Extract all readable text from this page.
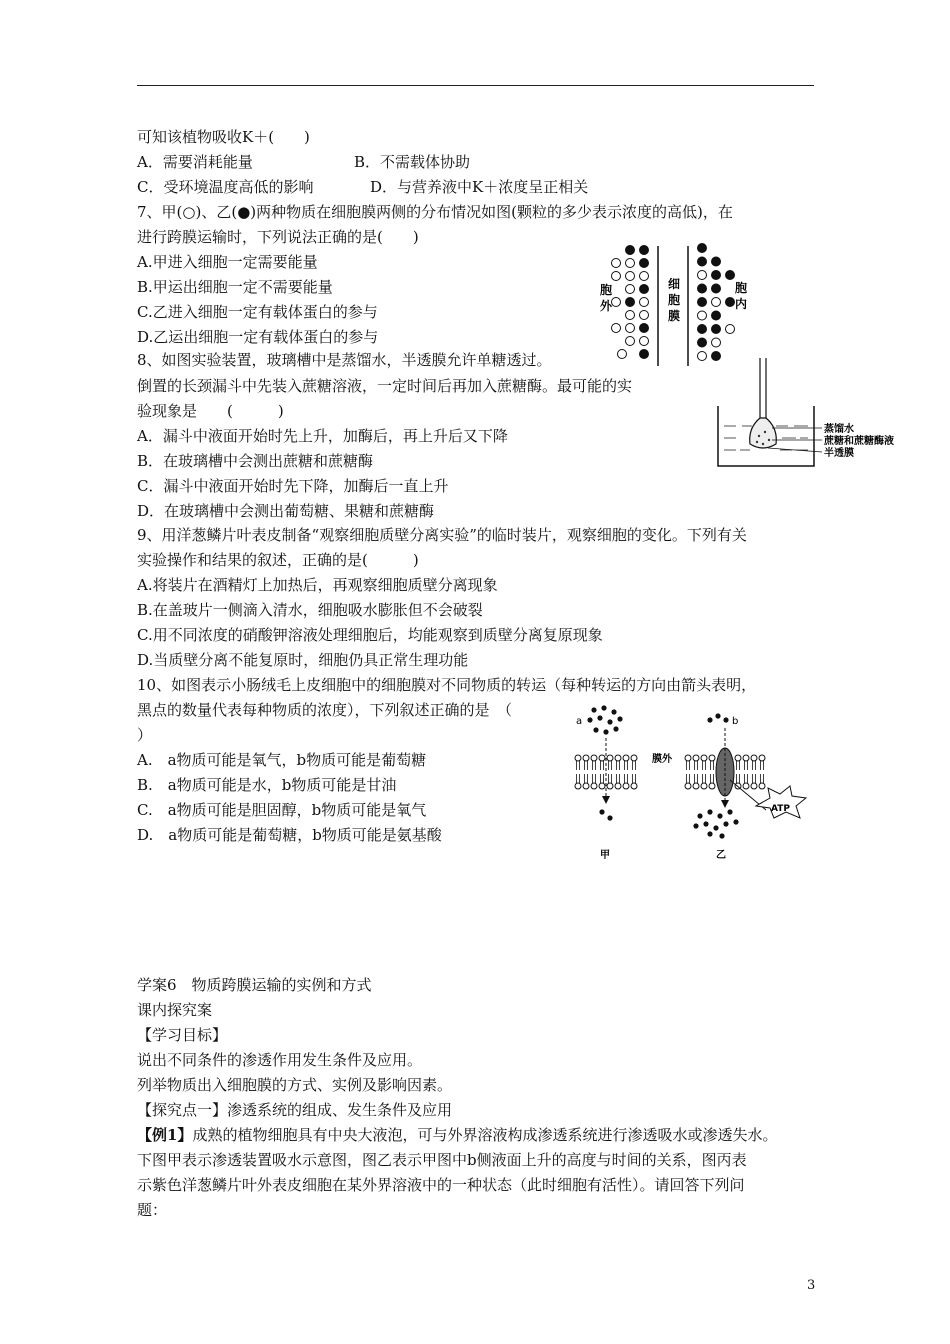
可知该植物吸收K＋(　　)
A．需要消耗能量	B．不需载体协助
C．受环境温度高低的影响	D．与营养液中K＋浓度呈正相关
7、甲(○)、乙(●)两种物质在细胞膜两侧的分布情况如图(颗粒的多少表示浓度的高低)，在
进行跨膜运输时，下列说法正确的是(　　)
A.甲进入细胞一定需要能量
B.甲运出细胞一定不需要能量
C.乙进入细胞一定有载体蛋白的参与
D.乙运出细胞一定有载体蛋白的参与
胞
外
细
胞
膜
胞
内
8、如图实验装置，玻璃槽中是蒸馏水，半透膜允许单糖透过。
倒置的长颈漏斗中先装入蔗糖溶液，一定时间后再加入蔗糖酶。最可能的实
验现象是　　(　　　)
A．漏斗中液面开始时先上升，加酶后，再上升后又下降
B．在玻璃槽中会测出蔗糖和蔗糖酶
C．漏斗中液面开始时先下降，加酶后一直上升
D．在玻璃槽中会测出葡萄糖、果糖和蔗糖酶
蒸馏水
蔗糖和蔗糖酶液
半透膜
9、用洋葱鳞片叶表皮制备“观察细胞质壁分离实验”的临时装片，观察细胞的变化。下列有关
实验操作和结果的叙述，正确的是(　　　)
A.将装片在酒精灯上加热后，再观察细胞质壁分离现象
B.在盖玻片一侧滴入清水，细胞吸水膨胀但不会破裂
C.用不同浓度的硝酸钾溶液处理细胞后，均能观察到质壁分离复原现象
D.当质壁分离不能复原时，细胞仍具正常生理功能
10、如图表示小肠绒毛上皮细胞中的细胞膜对不同物质的转运（每种转运的方向由箭头表明，
黑点的数量代表每种物质的浓度），下列叙述正确的是　（
）
A.　a物质可能是氧气，b物质可能是葡萄糖
B.　a物质可能是水，b物质可能是甘油
C.　a物质可能是胆固醇，b物质可能是氧气
D.　a物质可能是葡萄糖，b物质可能是氨基酸
a
甲
膜外
b
ATP
乙
学案6　物质跨膜运输的实例和方式
课内探究案
【学习目标】
说出不同条件的渗透作用发生条件及应用。
列举物质出入细胞膜的方式、实例及影响因素。
【探究点一】渗透系统的组成、发生条件及应用
【例1】成熟的植物细胞具有中央大液泡，可与外界溶液构成渗透系统进行渗透吸水或渗透失水。
下图甲表示渗透装置吸水示意图，图乙表示甲图中b侧液面上升的高度与时间的关系，图丙表
示紫色洋葱鳞片叶外表皮细胞在某外界溶液中的一种状态（此时细胞有活性）。请回答下列问
题：
3
